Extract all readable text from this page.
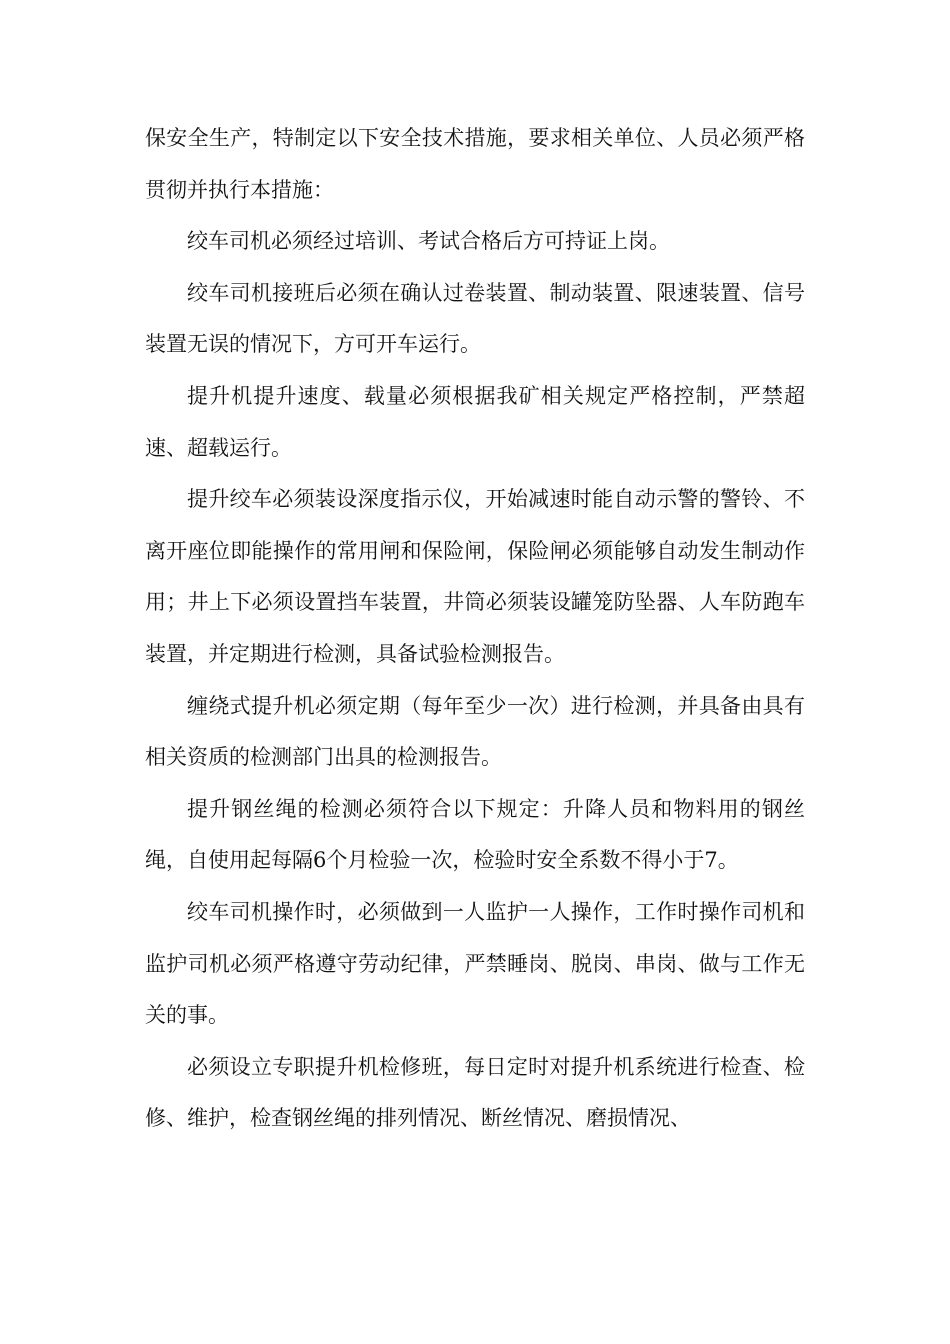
保安全生产，特制定以下安全技术措施，要求相关单位、人员必须严格贯彻并执行本措施：

绞车司机必须经过培训、考试合格后方可持证上岗。

绞车司机接班后必须在确认过卷装置、制动装置、限速装置、信号装置无误的情况下，方可开车运行。

提升机提升速度、载量必须根据我矿相关规定严格控制，严禁超速、超载运行。

提升绞车必须装设深度指示仪，开始减速时能自动示警的警铃、不离开座位即能操作的常用闸和保险闸，保险闸必须能够自动发生制动作用；井上下必须设置挡车装置，井筒必须装设罐笼防坠器、人车防跑车装置，并定期进行检测，具备试验检测报告。

缠绕式提升机必须定期（每年至少一次）进行检测，并具备由具有相关资质的检测部门出具的检测报告。

提升钢丝绳的检测必须符合以下规定：升降人员和物料用的钢丝绳，自使用起每隔6个月检验一次，检验时安全系数不得小于7。

绞车司机操作时，必须做到一人监护一人操作，工作时操作司机和监护司机必须严格遵守劳动纪律，严禁睡岗、脱岗、串岗、做与工作无关的事。

必须设立专职提升机检修班，每日定时对提升机系统进行检查、检修、维护，检查钢丝绳的排列情况、断丝情况、磨损情况、
